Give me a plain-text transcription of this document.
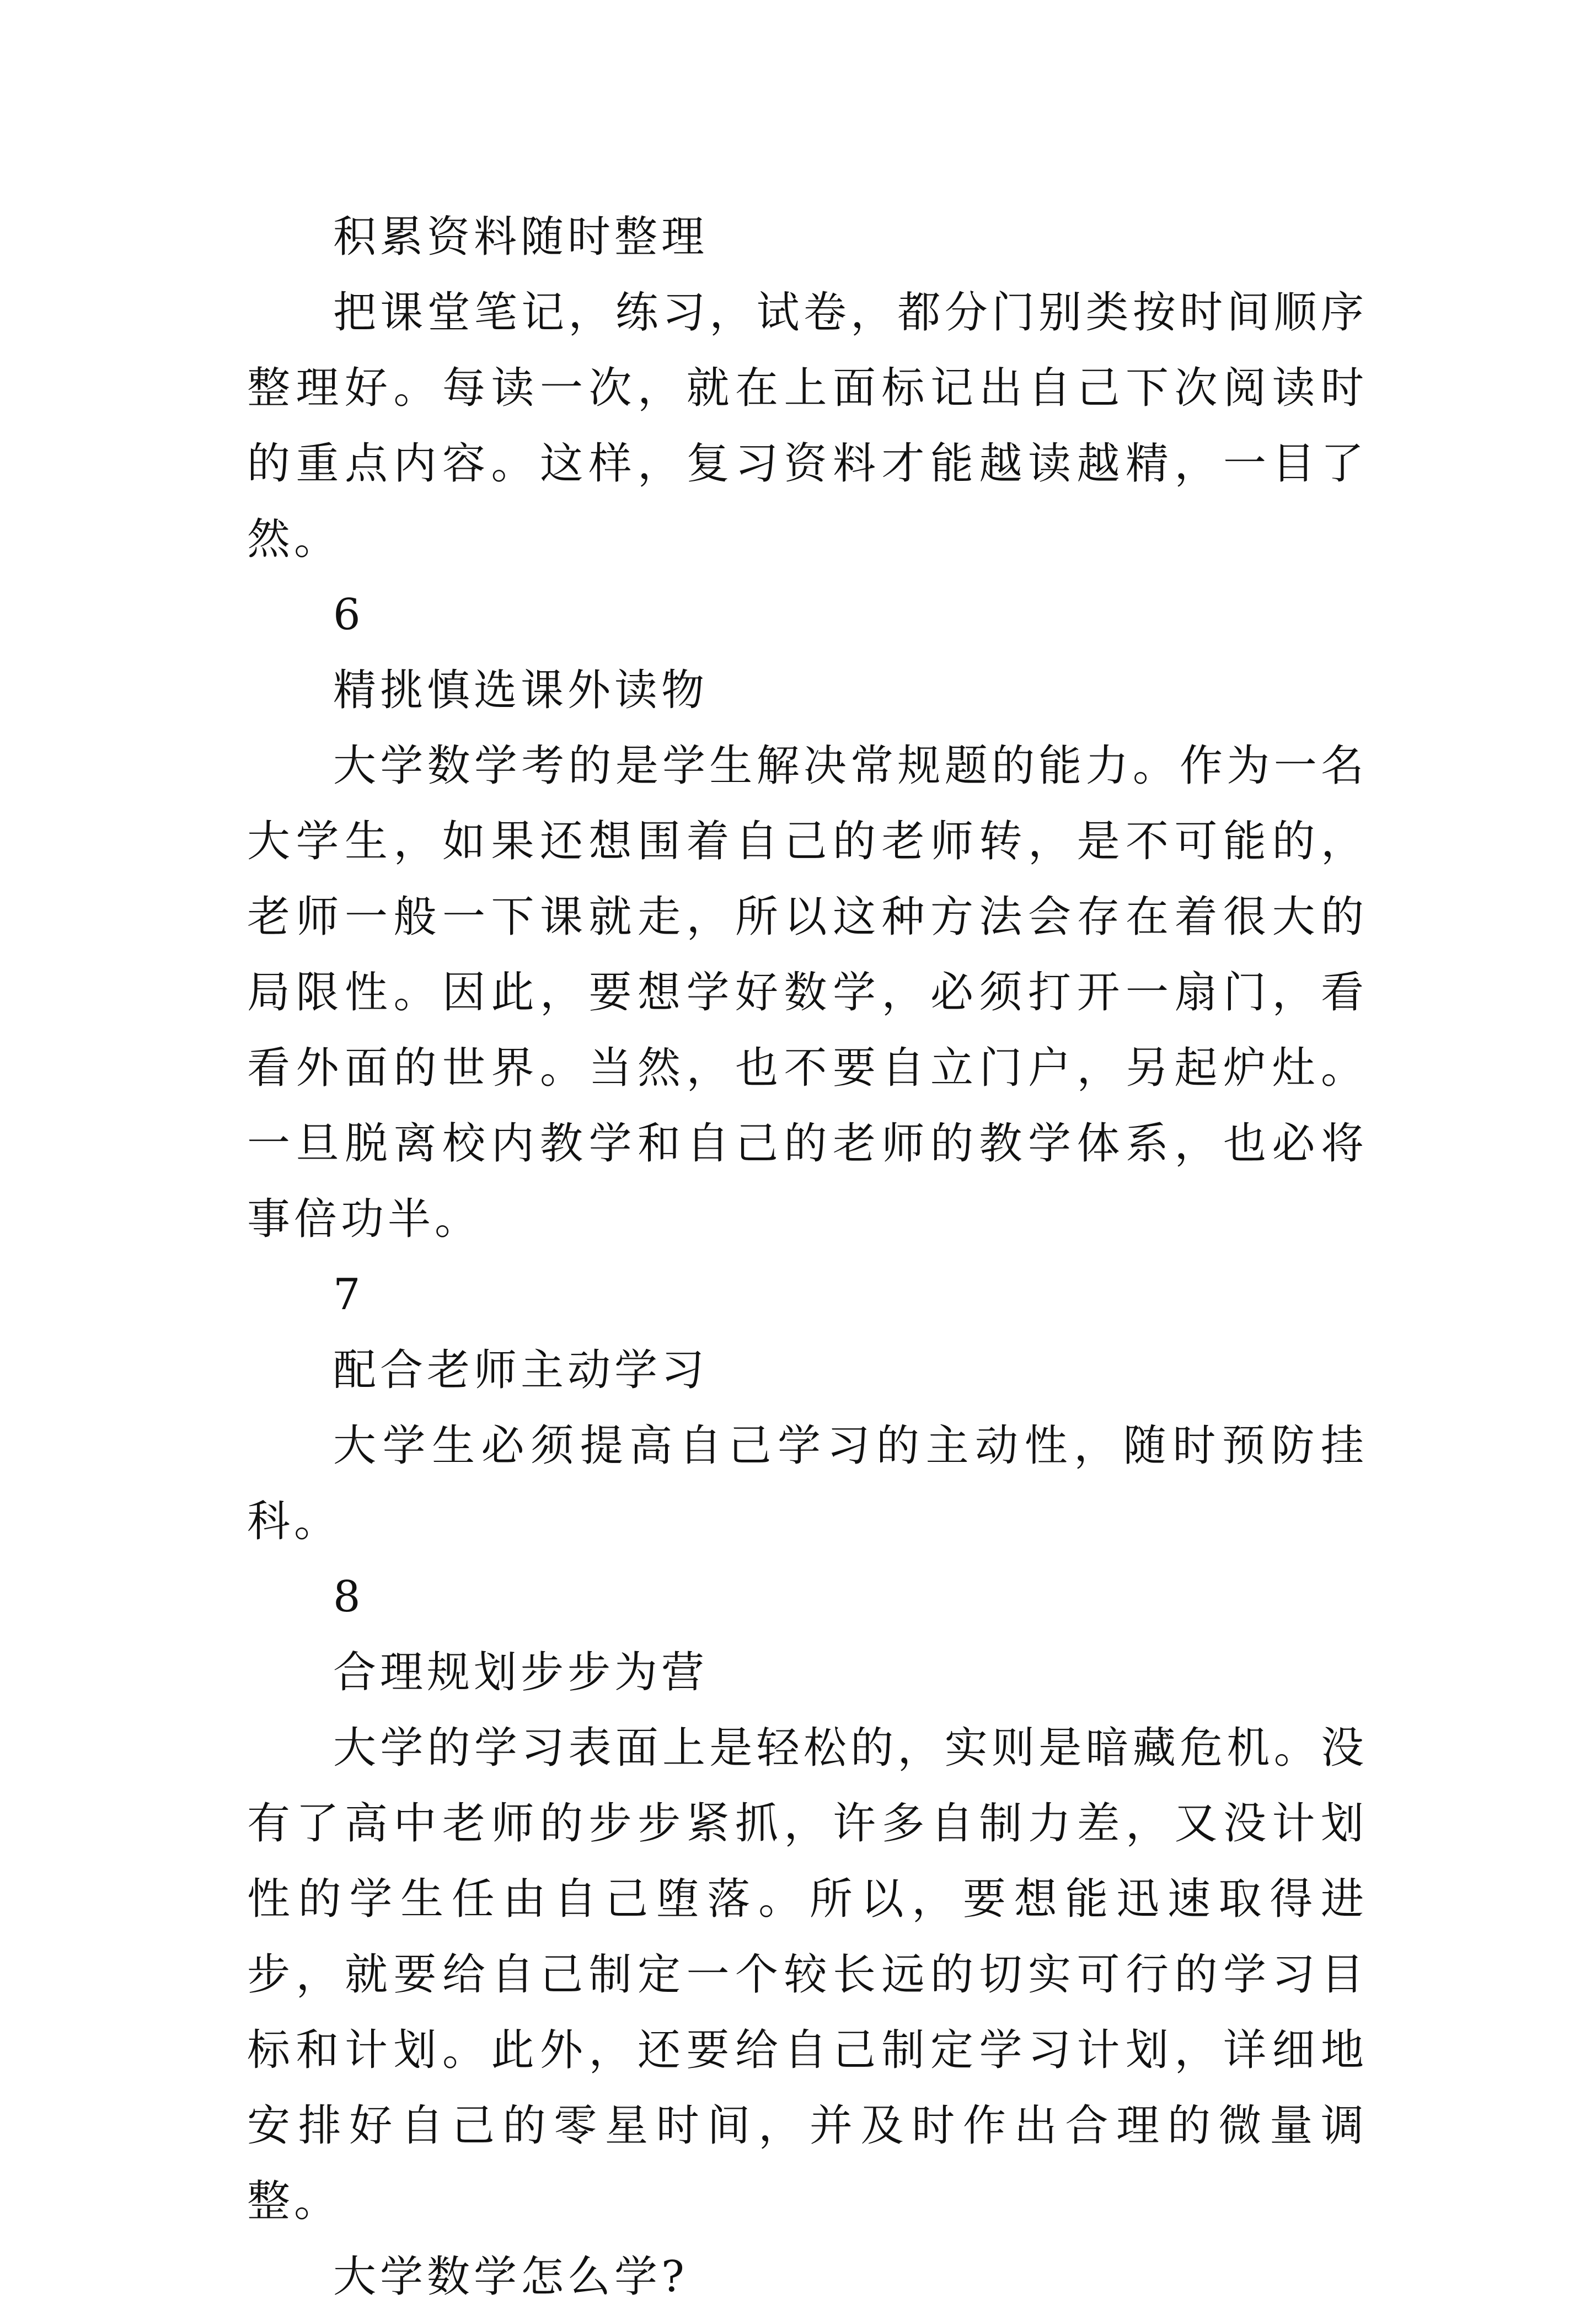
积累资料随时整理

把课堂笔记，练习，试卷，都分门别类按时间顺序整理好。每读一次，就在上面标记出自己下次阅读时的重点内容。这样，复习资料才能越读越精，一目了然。

6

精挑慎选课外读物

大学数学考的是学生解决常规题的能力。作为一名大学生，如果还想围着自己的老师转，是不可能的，老师一般一下课就走，所以这种方法会存在着很大的局限性。因此，要想学好数学，必须打开一扇门，看看外面的世界。当然，也不要自立门户，另起炉灶。一旦脱离校内教学和自己的老师的教学体系，也必将事倍功半。

7

配合老师主动学习

大学生必须提高自己学习的主动性，随时预防挂科。

8

合理规划步步为营

大学的学习表面上是轻松的，实则是暗藏危机。没有了高中老师的步步紧抓，许多自制力差，又没计划性的学生任由自己堕落。所以，要想能迅速取得进步，就要给自己制定一个较长远的切实可行的学习目标和计划。此外，还要给自己制定学习计划，详细地安排好自己的零星时间，并及时作出合理的微量调整。

大学数学怎么学?
